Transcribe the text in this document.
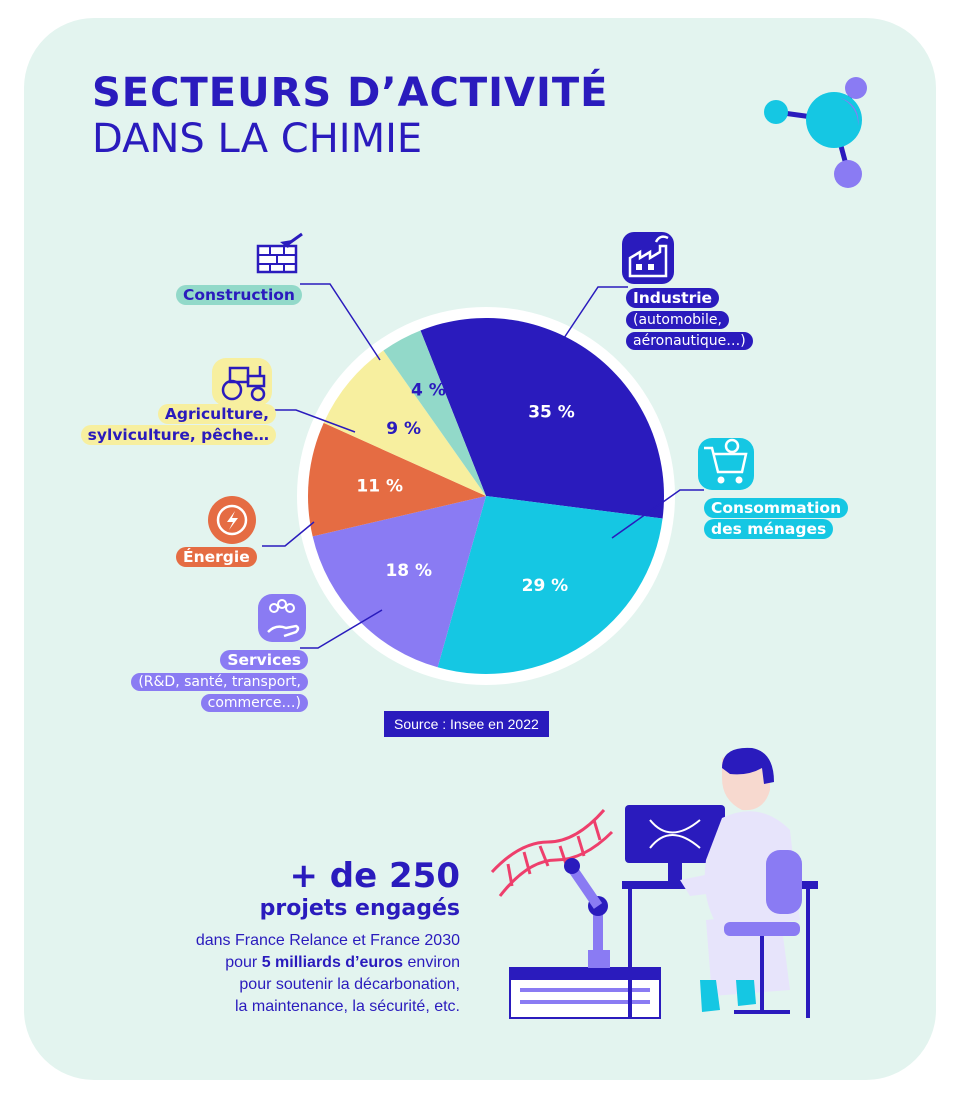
SECTEURS D’ACTIVITÉ
DANS LA CHIMIE
35 %
29 %
18 %
11 %
9 %
4 %
Construction	Industrie
(automobile,
aéronautique…)
Agriculture,
sylviculture, pêche…
Consommation
des ménages
Énergie
Services
(R&D, santé, transport,
commerce…)
Source : Insee en 2022
+ de 250
projets engagés
dans France Relance et France 2030
pour 5 milliards d’euros environ
pour soutenir la décarbonation,
la maintenance, la sécurité, etc.
